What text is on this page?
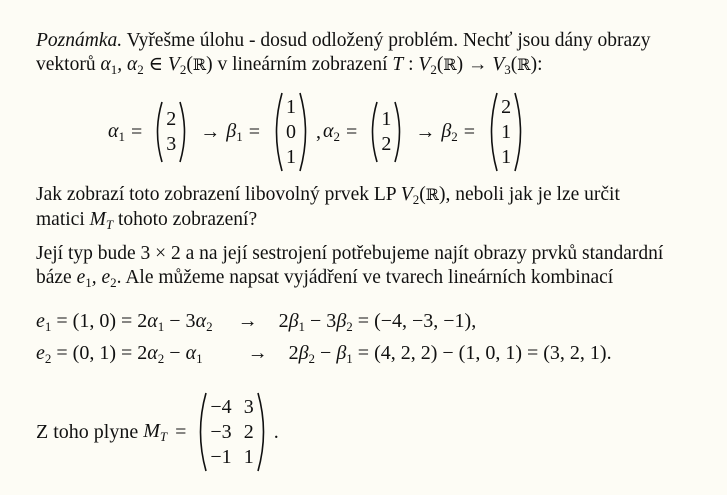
Poznámka. Vyřešme úlohu - dosud odložený problém. Nechť jsou dány obrazy
vektorů $\alpha_1$, $\alpha_2$ ∈ $V_2(ℝ)$ v lineárním zobrazení T : $V_2(ℝ)$ → $V_3(ℝ)$:
$\alpha_1$ =
2
3
→ $\beta_1$ =
1
0
1
, $\alpha_2$ =
1
2
→ $\beta_2$ =
2
1
1
Jak zobrazí toto zobrazení libovolný prvek LP $V_2(ℝ)$, neboli jak je lze určit
matici $M_T$ tohoto zobrazení?
Její typ bude 3 × 2 a na její sestrojení potřebujeme najít obrazy prvků standardní
báze $e_1$, $e_2$. Ale můžeme napsat vyjádření ve tvarech lineárních kombinací
$e_1 = (1$, $0) = 2\alpha_1 - 3\alpha_2 \to 2\beta_1 - 3\beta_2 = (-4$, −3, −1),
$e_2 = (0$, $1) = 2\alpha_2 - \alpha_1 \to 2\beta_2 - \beta_1 = (4$, 2, 2) − (1, 0, 1) = (3, 2, 1).
Z toho plyne $M_T$ =
−4 3
−3 2
−1 1
.
